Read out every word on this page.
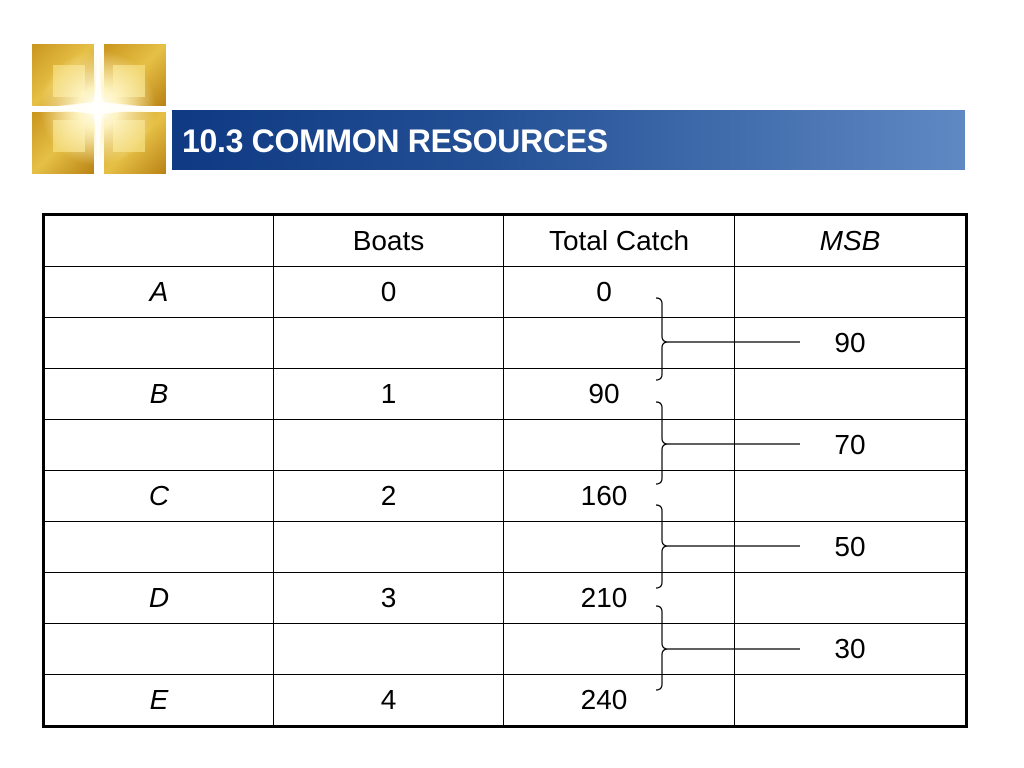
10.3 COMMON RESOURCES
	Boats	Total Catch	MSB
A	0	0	
			90
B	1	90	
			70
C	2	160	
			50
D	3	210	
			30
E	4	240	
